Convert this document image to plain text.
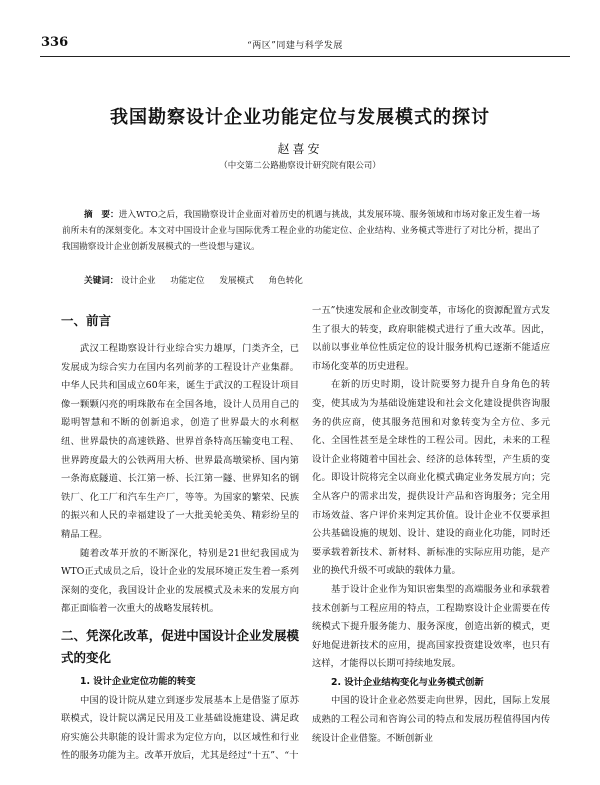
336	“两区”同建与科学发展
我国勘察设计企业功能定位与发展模式的探讨
赵喜安
（中交第二公路勘察设计研究院有限公司）
摘　要：进入WTO之后，我国勘察设计企业面对着历史的机遇与挑战，其发展环境、服务领域和市场对象正发生着一场前所未有的深刻变化。本文对中国设计企业与国际优秀工程企业的功能定位、企业结构、业务模式等进行了对比分析，提出了我国勘察设计企业创新发展模式的一些设想与建议。
关键词： 设计企业 功能定位 发展模式 角色转化
一、前言

武汉工程勘察设计行业综合实力雄厚，门类齐全，已发展成为综合实力在国内名列前茅的工程设计产业集群。中华人民共和国成立60年来，诞生于武汉的工程设计项目像一颗颗闪亮的明珠散布在全国各地，设计人员用自己的聪明智慧和不断的创新追求，创造了世界最大的水利枢纽、世界最快的高速铁路、世界首条特高压输变电工程、世界跨度最大的公铁两用大桥、世界最高墩梁桥、国内第一条海底隧道、长江第一桥、长江第一隧、世界知名的钢铁厂、化工厂和汽车生产厂，等等。为国家的繁荣、民族的振兴和人民的幸福建设了一大批美轮美奂、精彩纷呈的精品工程。

随着改革开放的不断深化，特别是21世纪我国成为WTO正式成员之后，设计企业的发展环境正发生着一系列深刻的变化，我国设计企业的发展模式及未来的发展方向都正面临着一次重大的战略发展转机。

二、凭深化改革，促进中国设计企业发展模式的变化
1. 设计企业定位功能的转变

中国的设计院从建立到逐步发展基本上是借鉴了原苏联模式，设计院以满足民用及工业基础设施建设、满足政府实施公共职能的设计需求为定位方向，以区域性和行业性的服务功能为主。改革开放后，尤其是经过“十五”、“十

一五”快速发展和企业改制变革，市场化的资源配置方式发生了很大的转变，政府职能模式进行了重大改革。因此，以前以事业单位性质定位的设计服务机构已逐渐不能适应市场化变革的历史进程。

在新的历史时期，设计院要努力提升自身角色的转变，使其成为为基础设施建设和社会文化建设提供咨询服务的供应商，使其服务范围和对象转变为全方位、多元化、全国性甚至是全球性的工程公司。因此，未来的工程设计企业将随着中国社会、经济的总体转型，产生质的变化。即设计院将完全以商业化模式确定业务发展方向；完全从客户的需求出发，提供设计产品和咨询服务；完全用市场效益、客户评价来判定其价值。设计企业不仅要承担公共基础设施的规划、设计、建设的商业化功能，同时还要承载着新技术、新材料、新标准的实际应用功能，是产业的换代升级不可或缺的载体力量。

基于设计企业作为知识密集型的高端服务业和承载着技术创新与工程应用的特点，工程勘察设计企业需要在传统模式下提升服务能力、服务深度，创造出新的模式，更好地促进新技术的应用，提高国家投资建设效率，也只有这样，才能得以长期可持续地发展。

2. 设计企业结构变化与业务模式创新

中国的设计企业必然要走向世界，因此，国际上发展成熟的工程公司和咨询公司的特点和发展历程值得国内传统设计企业借鉴。不断创新业
